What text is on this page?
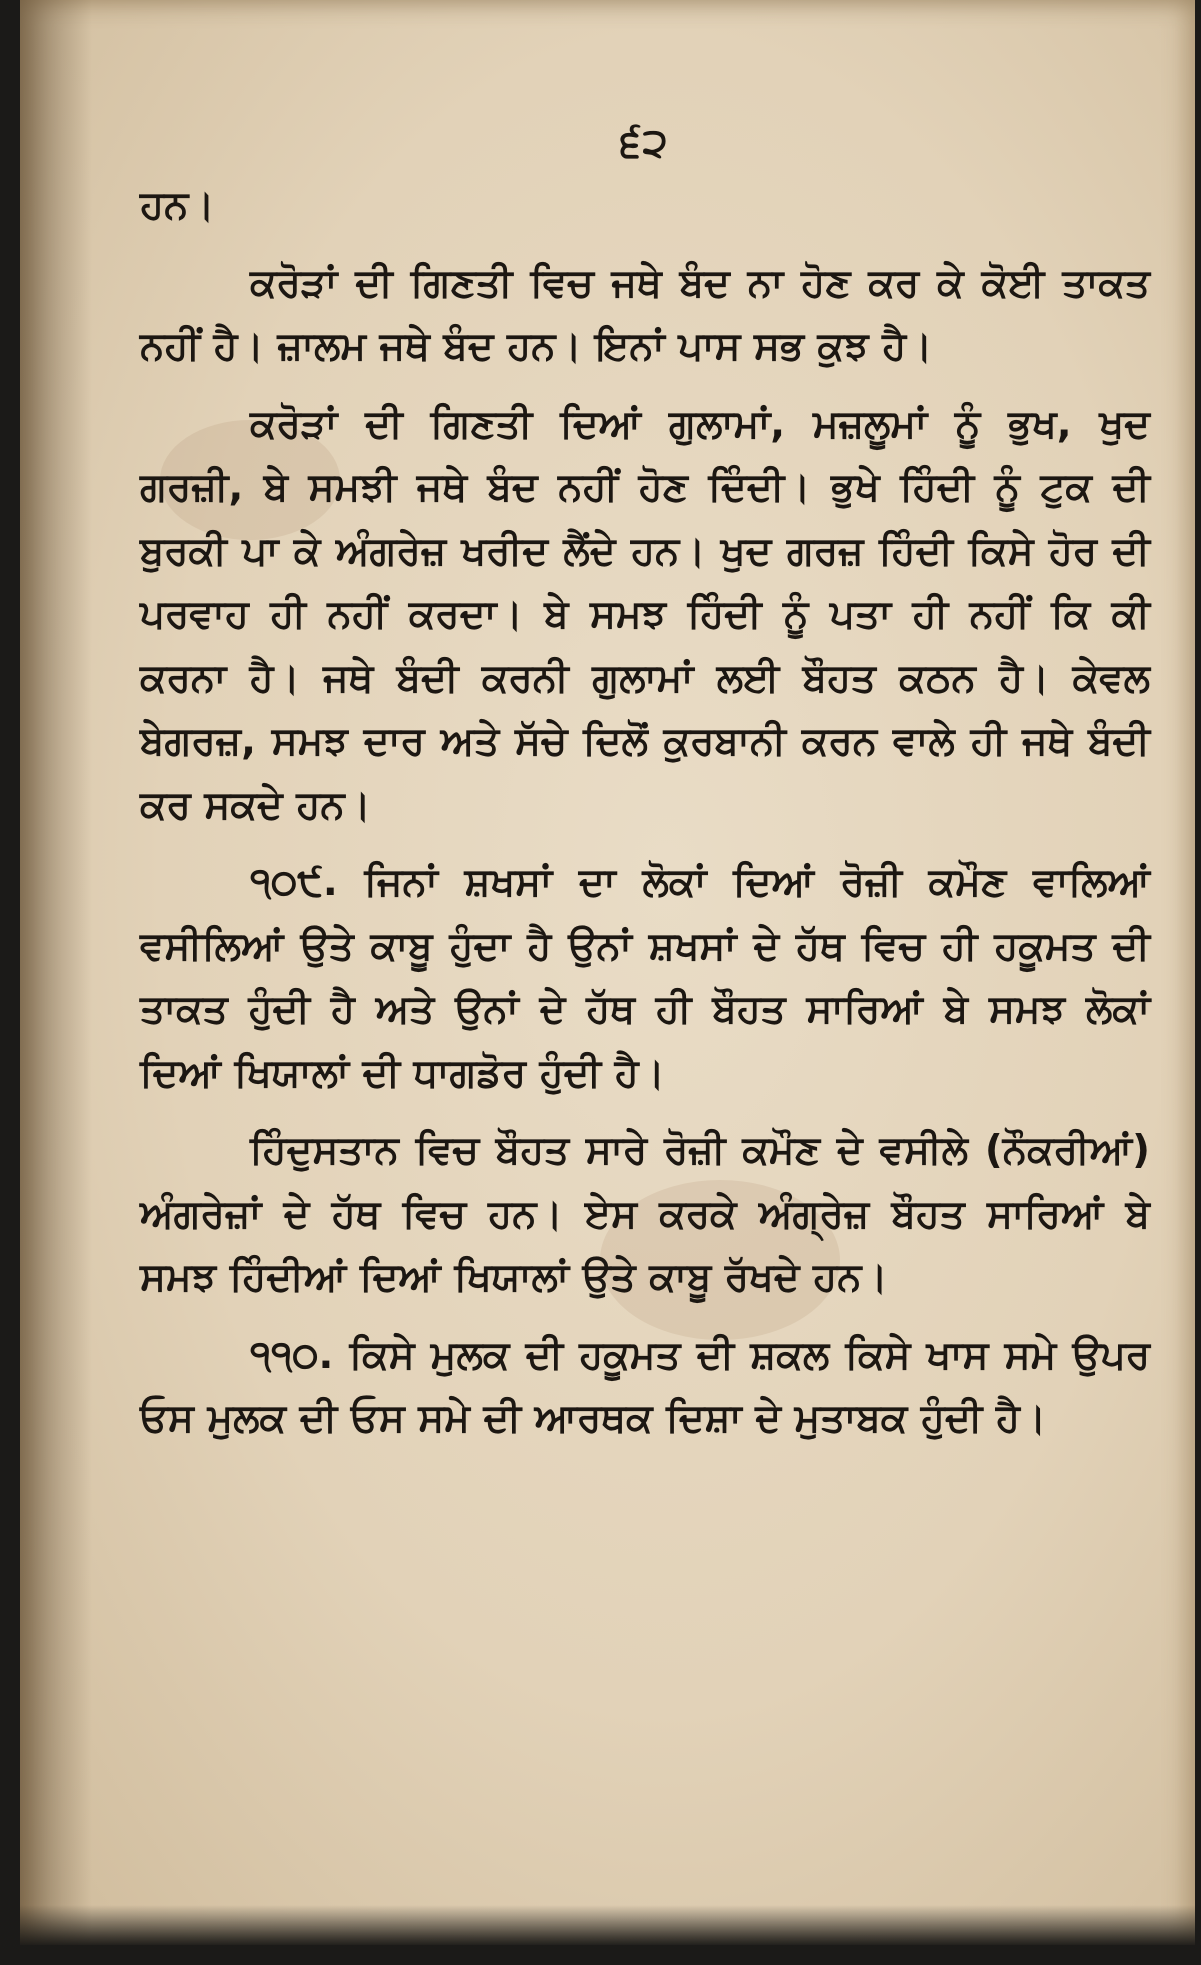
੬੨

ਹਨ।

ਕਰੋੜਾਂ ਦੀ ਗਿਣਤੀ ਵਿਚ ਜਥੇ ਬੰਦ ਨਾ ਹੋਣ ਕਰ ਕੇ ਕੋਈ ਤਾਕਤ ਨਹੀਂ ਹੈ। ਜ਼ਾਲਮ ਜਥੇ ਬੰਦ ਹਨ। ਇਨਾਂ ਪਾਸ ਸਭ ਕੁਝ ਹੈ।

ਕਰੋੜਾਂ ਦੀ ਗਿਣਤੀ ਦਿਆਂ ਗੁਲਾਮਾਂ, ਮਜ਼ਲੂਮਾਂ ਨੂੰ ਭੁਖ, ਖੁਦ ਗਰਜ਼ੀ, ਬੇ ਸਮਝੀ ਜਥੇ ਬੰਦ ਨਹੀਂ ਹੋਣ ਦਿੰਦੀ। ਭੁਖੇ ਹਿੰਦੀ ਨੂੰ ਟੁਕ ਦੀ ਬੁਰਕੀ ਪਾ ਕੇ ਅੰਗਰੇਜ਼ ਖਰੀਦ ਲੈਂਦੇ ਹਨ। ਖੁਦ ਗਰਜ਼ ਹਿੰਦੀ ਕਿਸੇ ਹੋਰ ਦੀ ਪਰਵਾਹ ਹੀ ਨਹੀਂ ਕਰਦਾ। ਬੇ ਸਮਝ ਹਿੰਦੀ ਨੂੰ ਪਤਾ ਹੀ ਨਹੀਂ ਕਿ ਕੀ ਕਰਨਾ ਹੈ। ਜਥੇ ਬੰਦੀ ਕਰਨੀ ਗੁਲਾਮਾਂ ਲਈ ਬੌਹਤ ਕਠਨ ਹੈ। ਕੇਵਲ ਬੇਗਰਜ਼, ਸਮਝ ਦਾਰ ਅਤੇ ਸੱਚੇ ਦਿਲੋਂ ਕੁਰਬਾਨੀ ਕਰਨ ਵਾਲੇ ਹੀ ਜਥੇ ਬੰਦੀ ਕਰ ਸਕਦੇ ਹਨ।

੧੦੯. ਜਿਨਾਂ ਸ਼ਖਸਾਂ ਦਾ ਲੋਕਾਂ ਦਿਆਂ ਰੋਜ਼ੀ ਕਮੌਣ ਵਾਲਿਆਂ ਵਸੀਲਿਆਂ ਉਤੇ ਕਾਬੂ ਹੁੰਦਾ ਹੈ ਉਨਾਂ ਸ਼ਖਸਾਂ ਦੇ ਹੱਥ ਵਿਚ ਹੀ ਹਕੂਮਤ ਦੀ ਤਾਕਤ ਹੁੰਦੀ ਹੈ ਅਤੇ ਉਨਾਂ ਦੇ ਹੱਥ ਹੀ ਬੌਹਤ ਸਾਰਿਆਂ ਬੇ ਸਮਝ ਲੋਕਾਂ ਦਿਆਂ ਖਿਯਾਲਾਂ ਦੀ ਧਾਗਡੋਰ ਹੁੰਦੀ ਹੈ।

ਹਿੰਦੁਸਤਾਨ ਵਿਚ ਬੌਹਤ ਸਾਰੇ ਰੋਜ਼ੀ ਕਮੌਣ ਦੇ ਵਸੀਲੇ (ਨੌਕਰੀਆਂ) ਅੰਗਰੇਜ਼ਾਂ ਦੇ ਹੱਥ ਵਿਚ ਹਨ। ਏਸ ਕਰਕੇ ਅੰਗ੍ਰੇਜ਼ ਬੌਹਤ ਸਾਰਿਆਂ ਬੇ ਸਮਝ ਹਿੰਦੀਆਂ ਦਿਆਂ ਖਿਯਾਲਾਂ ਉਤੇ ਕਾਬੂ ਰੱਖਦੇ ਹਨ।

੧੧੦. ਕਿਸੇ ਮੁਲਕ ਦੀ ਹਕੂਮਤ ਦੀ ਸ਼ਕਲ ਕਿਸੇ ਖਾਸ ਸਮੇ ਉਪਰ ਓਸ ਮੁਲਕ ਦੀ ਓਸ ਸਮੇ ਦੀ ਆਰਥਕ ਦਿਸ਼ਾ ਦੇ ਮੁਤਾਬਕ ਹੁੰਦੀ ਹੈ।
